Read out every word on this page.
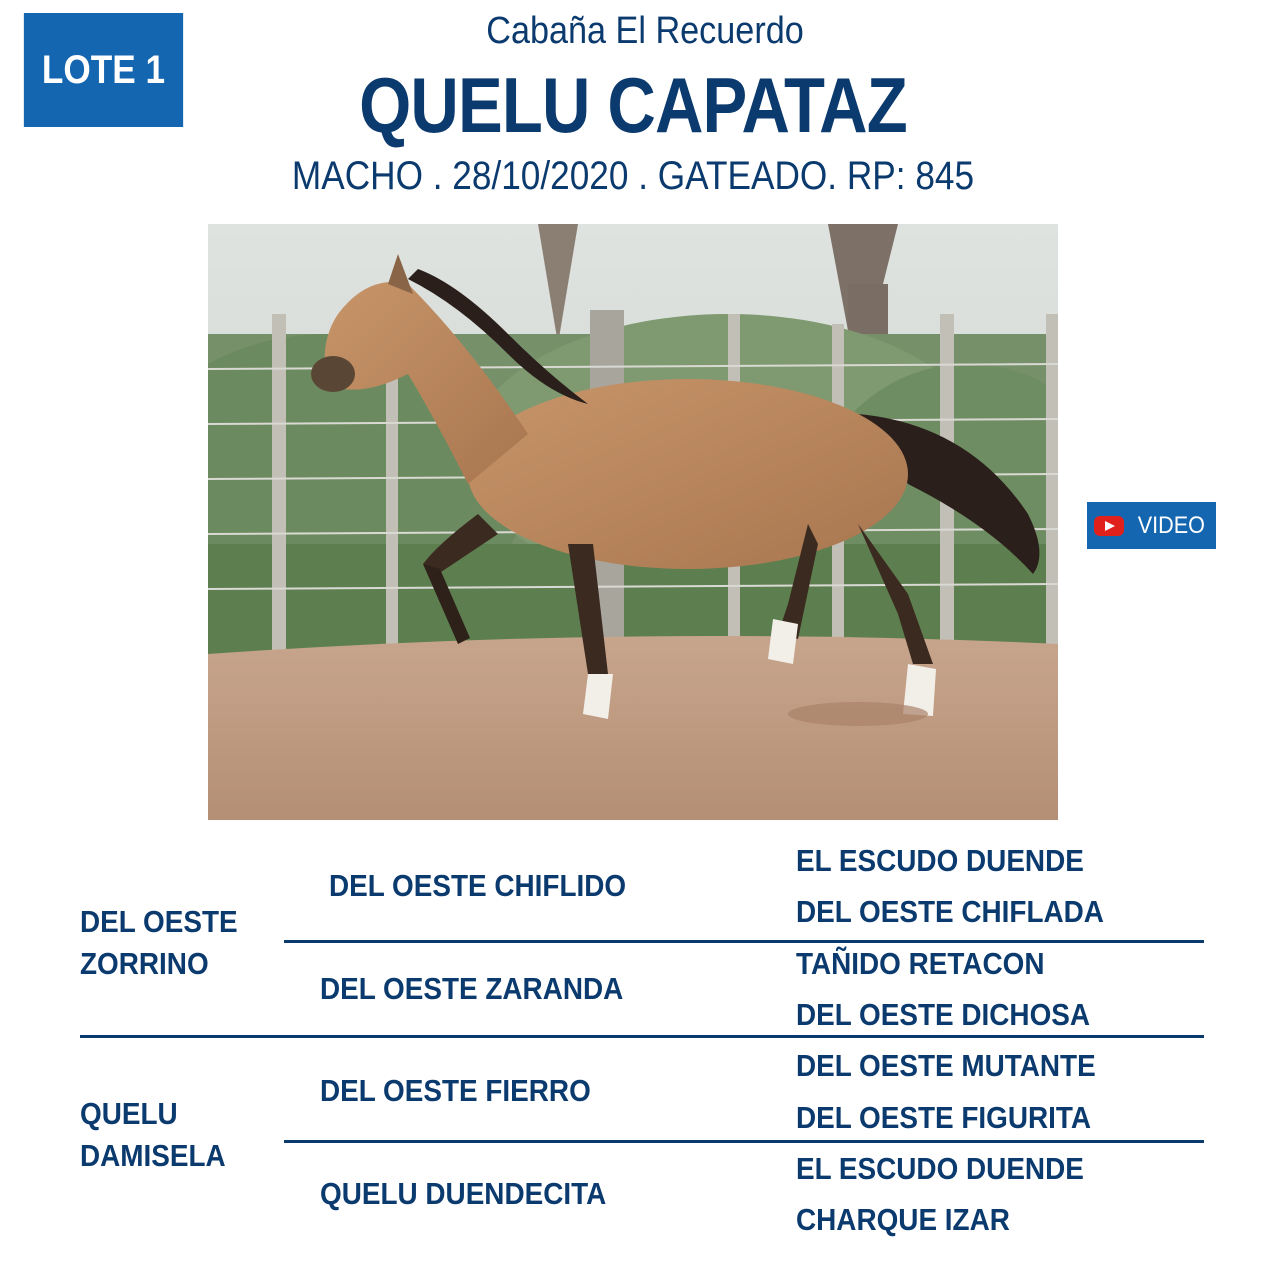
LOTE 1
Cabaña El Recuerdo
QUELU CAPATAZ
MACHO . 28/10/2020 . GATEADO. RP: 845
VIDEO
DEL OESTE
ZORRINO
QUELU
DAMISELA
DEL OESTE CHIFLIDO
DEL OESTE ZARANDA
DEL OESTE FIERRO
QUELU DUENDECITA
EL ESCUDO DUENDE
DEL OESTE CHIFLADA
TAÑIDO RETACON
DEL OESTE DICHOSA
DEL OESTE MUTANTE
DEL OESTE FIGURITA
EL ESCUDO DUENDE
CHARQUE IZAR
